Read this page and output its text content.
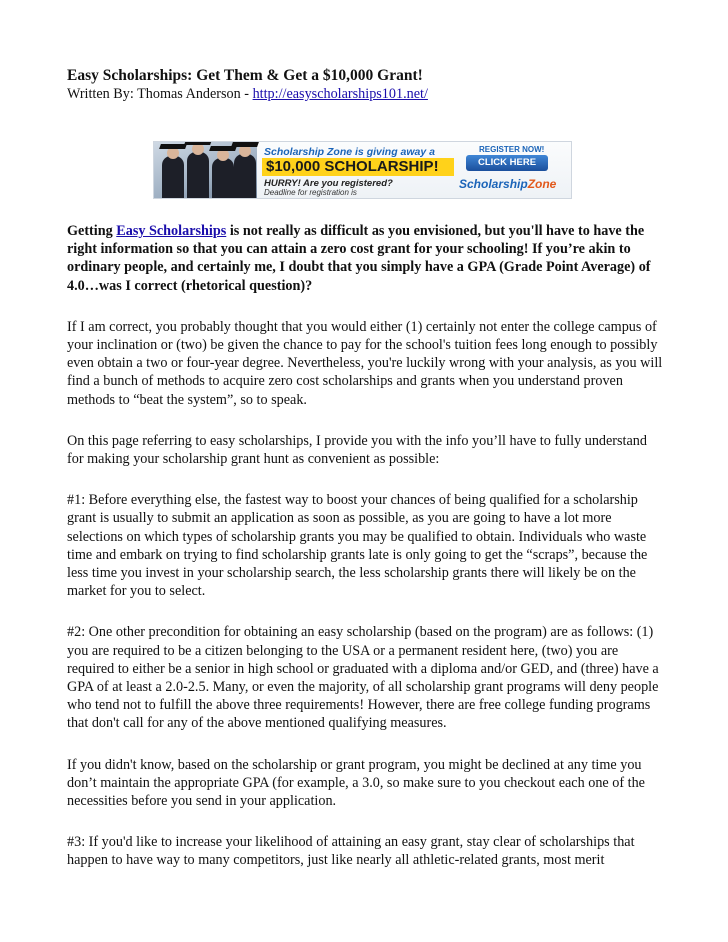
Easy Scholarships: Get Them & Get a $10,000 Grant!

Written By: Thomas Anderson - http://easyscholarships101.net/

Scholarship Zone is giving away a
$10,000 SCHOLARSHIP!
HURRY! Are you registered?
Deadline for registration is
REGISTER NOW!
CLICK HERE
ScholarshipZone

Getting Easy Scholarships is not really as difficult as you envisioned, but you'll have to have the right information so that you can attain a zero cost grant for your schooling! If you’re akin to ordinary people, and certainly me, I doubt that you simply have a GPA (Grade Point Average) of 4.0…was I correct (rhetorical question)?

If I am correct, you probably thought that you would either (1) certainly not enter the college campus of your inclination or (two) be given the chance to pay for the school's tuition fees long enough to possibly even obtain a two or four-year degree. Nevertheless, you're luckily wrong with your analysis, as you will find a bunch of methods to acquire zero cost scholarships and grants when you understand proven methods to “beat the system”, so to speak.

On this page referring to easy scholarships, I provide you with the info you’ll have to fully understand for making your scholarship grant hunt as convenient as possible:

#1: Before everything else, the fastest way to boost your chances of being qualified for a scholarship grant is usually to submit an application as soon as possible, as you are going to have a lot more selections on which types of scholarship grants you may be qualified to obtain. Individuals who waste time and embark on trying to find scholarship grants late is only going to get the “scraps”, because the less time you invest in your scholarship search, the less scholarship grants there will likely be on the market for you to select.

#2: One other precondition for obtaining an easy scholarship (based on the program) are as follows: (1) you are required to be a citizen belonging to the USA or a permanent resident here, (two) you are required to either be a senior in high school or graduated with a diploma and/or GED, and (three) have a GPA of at least a 2.0-2.5. Many, or even the majority, of all scholarship grant programs will deny people who tend not to fulfill the above three requirements! However, there are free college funding programs that don't call for any of the above mentioned qualifying measures.

If you didn't know, based on the scholarship or grant program, you might be declined at any time you don’t maintain the appropriate GPA (for example, a 3.0, so make sure to you checkout each one of the necessities before you send in your application.

#3: If you'd like to increase your likelihood of attaining an easy grant, stay clear of scholarships that happen to have way to many competitors, just like nearly all athletic-related grants, most merit
